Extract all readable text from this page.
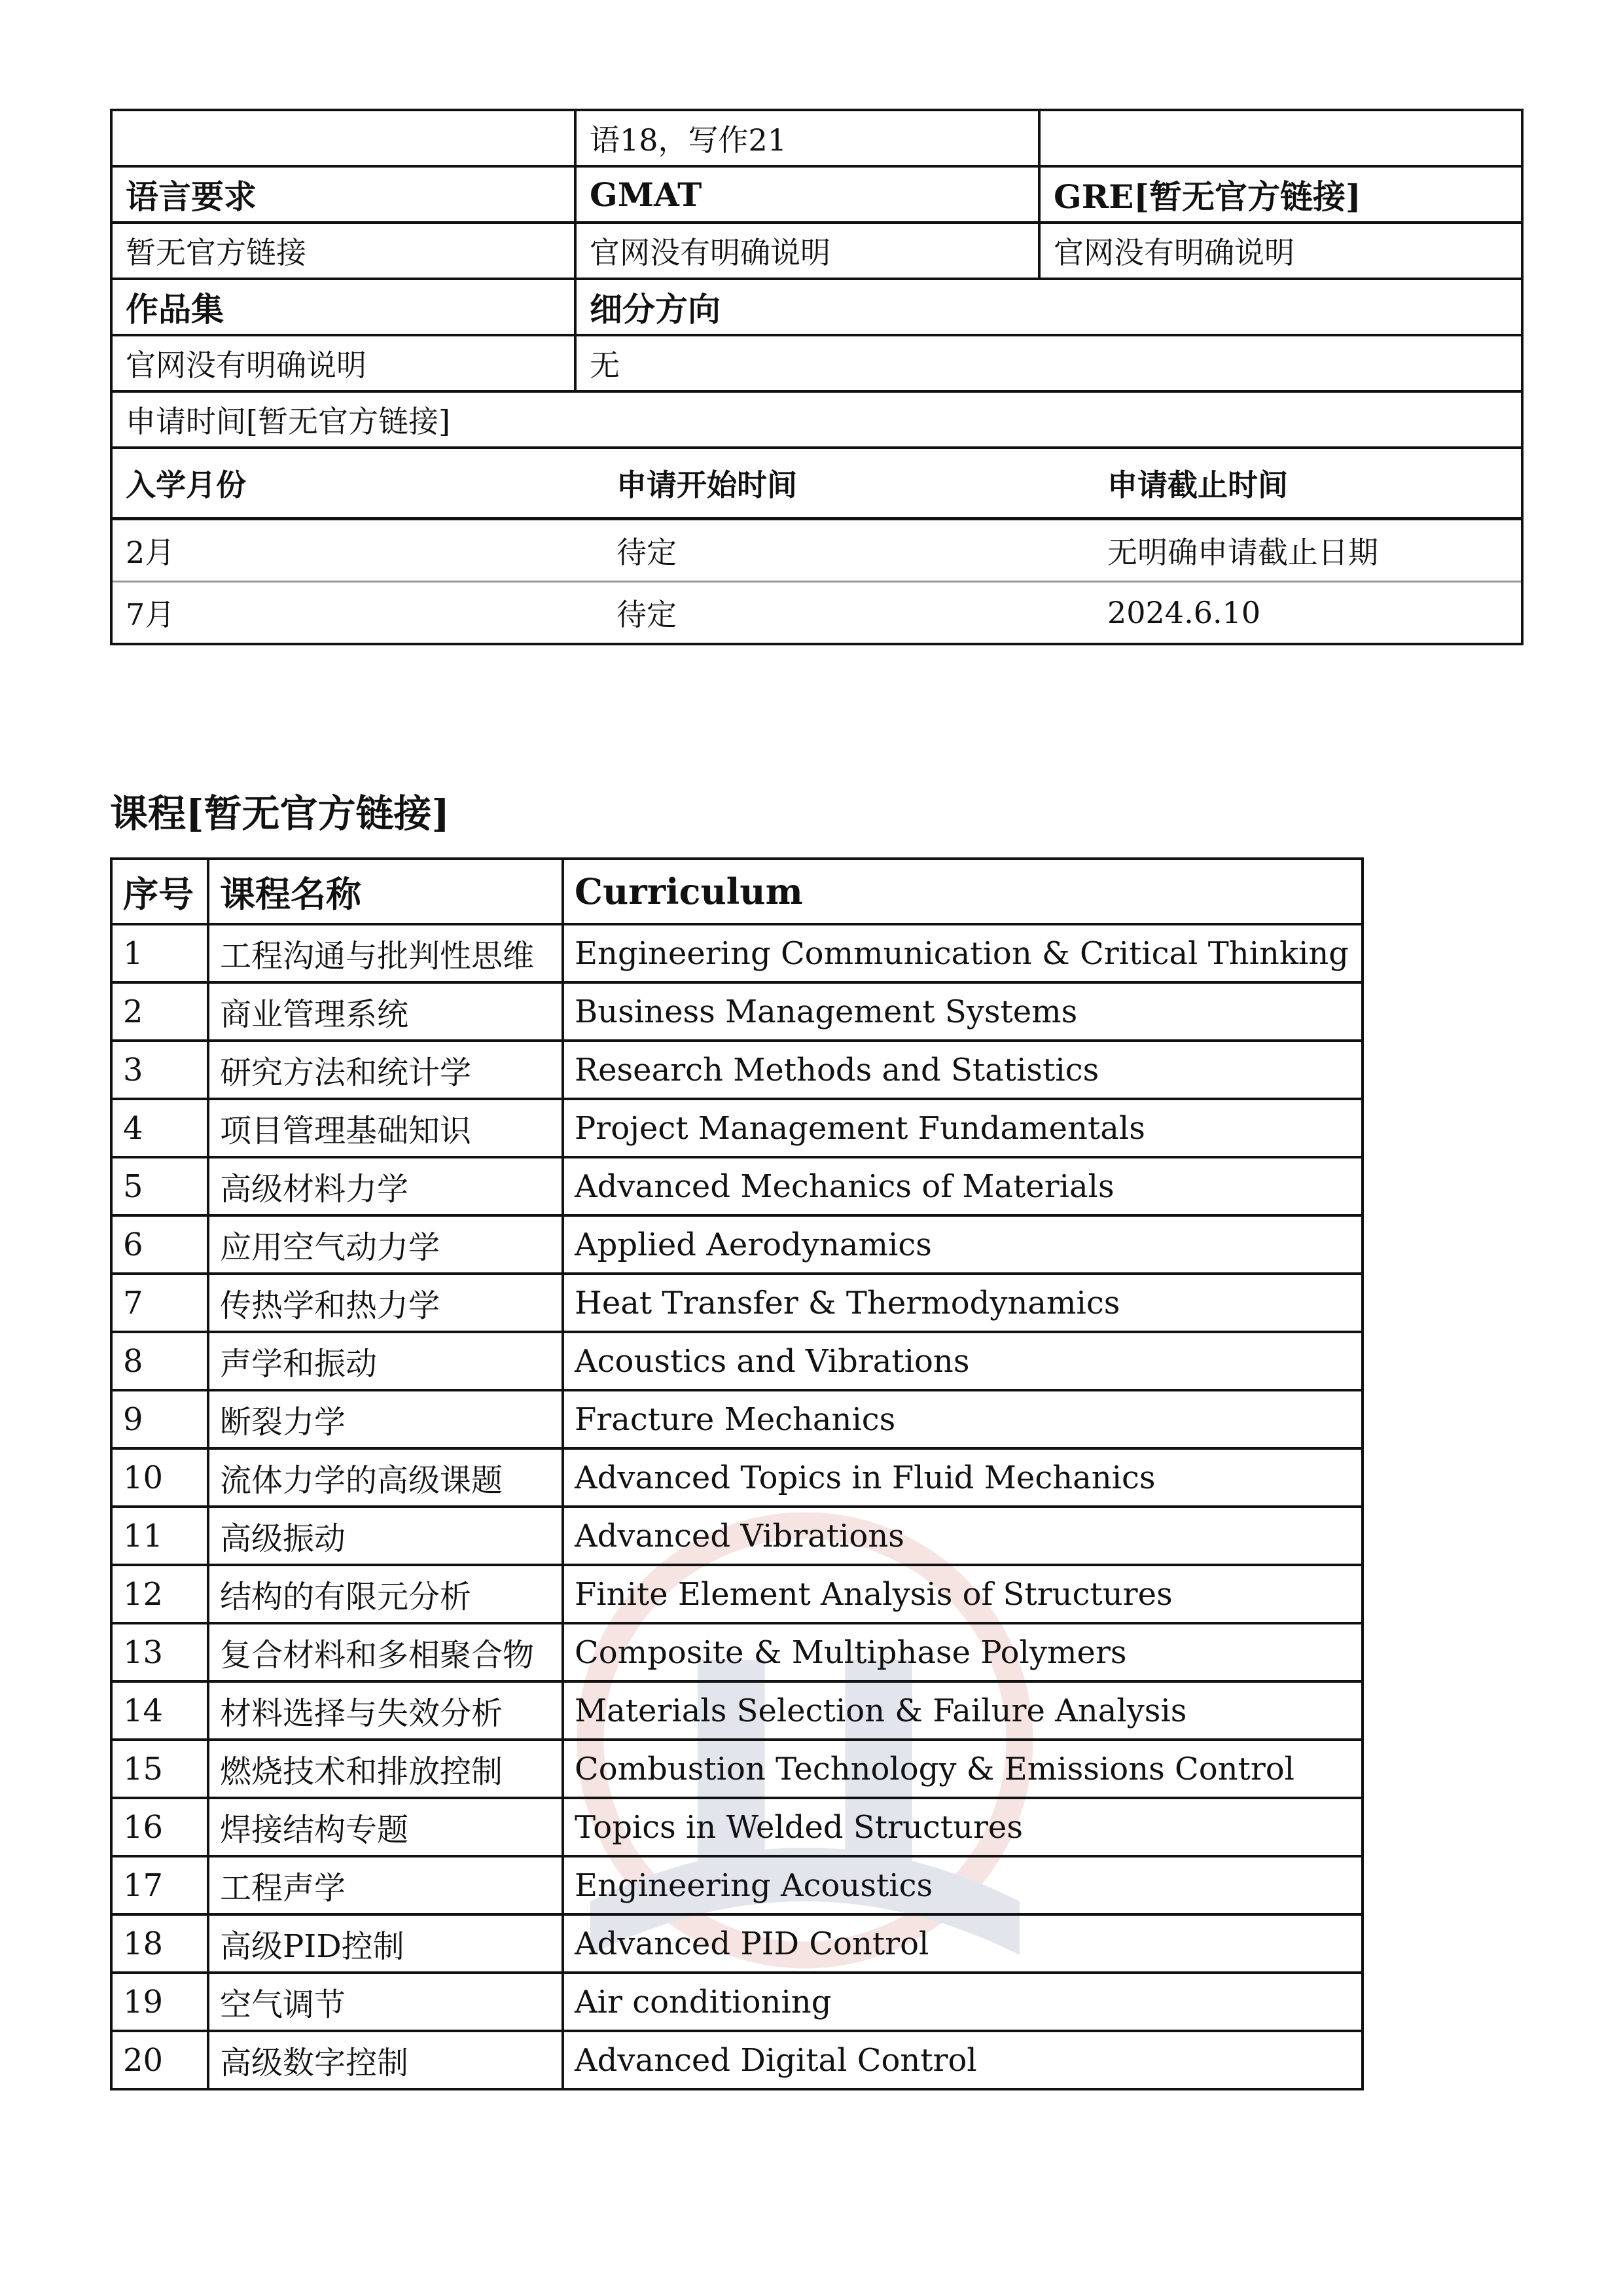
	语18，写作21	
语言要求	GMAT	GRE[暂无官方链接]
暂无官方链接	官网没有明确说明	官网没有明确说明
作品集	细分方向
官网没有明确说明	无
申请时间[暂无官方链接]

入学月份	申请开始时间	申请截止时间
2月	待定	无明确申请截止日期
7月	待定	2024.6.10
课程[暂无官方链接]
序号	课程名称	Curriculum
1	工程沟通与批判性思维	Engineering Communication & Critical Thinking
2	商业管理系统	Business Management Systems
3	研究方法和统计学	Research Methods and Statistics
4	项目管理基础知识	Project Management Fundamentals
5	高级材料力学	Advanced Mechanics of Materials
6	应用空气动力学	Applied Aerodynamics
7	传热学和热力学	Heat Transfer & Thermodynamics
8	声学和振动	Acoustics and Vibrations
9	断裂力学	Fracture Mechanics
10	流体力学的高级课题	Advanced Topics in Fluid Mechanics
11	高级振动	Advanced Vibrations
12	结构的有限元分析	Finite Element Analysis of Structures
13	复合材料和多相聚合物	Composite & Multiphase Polymers
14	材料选择与失效分析	Materials Selection & Failure Analysis
15	燃烧技术和排放控制	Combustion Technology & Emissions Control
16	焊接结构专题	Topics in Welded Structures
17	工程声学	Engineering Acoustics
18	高级PID控制	Advanced PID Control
19	空气调节	Air conditioning
20	高级数字控制	Advanced Digital Control
